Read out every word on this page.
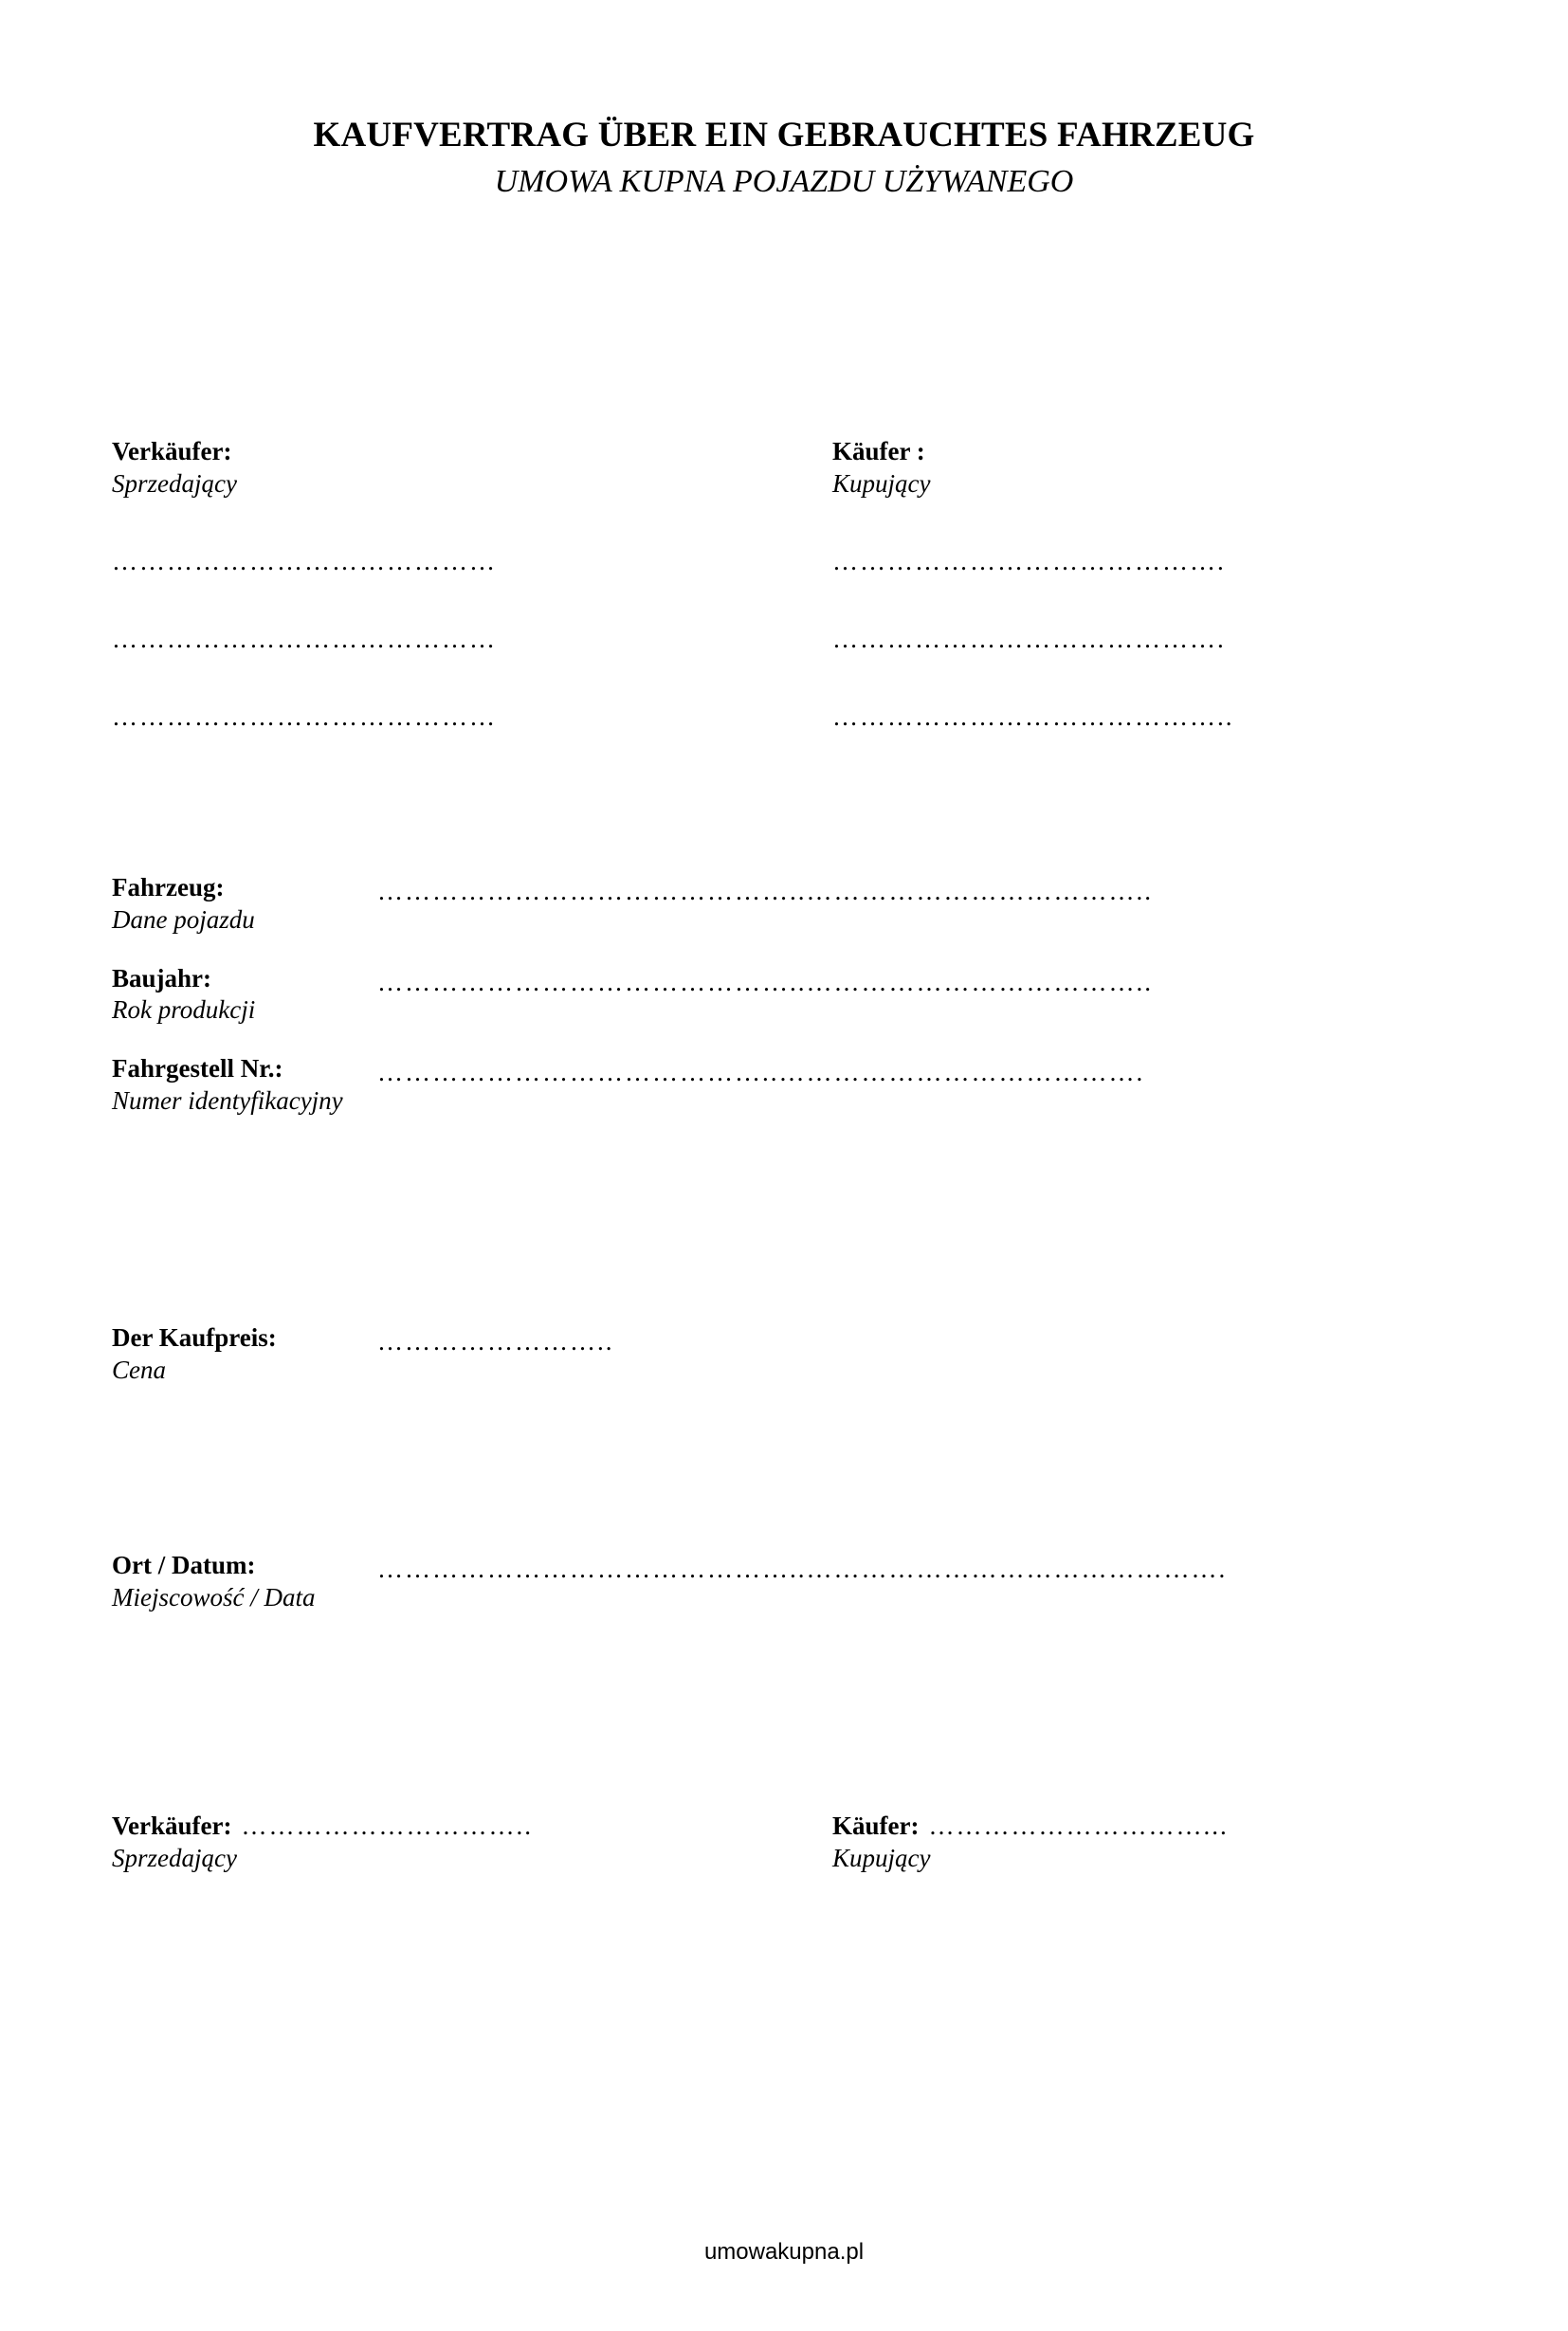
KAUFVERTRAG ÜBER EIN GEBRAUCHTES FAHRZEUG
UMOWA KUPNA POJAZDU UŻYWANEGO
Verkäufer:
Sprzedający
……………………………………
……………………………………
……………………………………
Käufer :
Kupujący
…………………………………….
…………………………………….
……………………………………..
Fahrzeug:
Dane pojazdu
………………………………………..………………………………..
Baujahr:
Rok produkcji
………………………………………..………………………………..
Fahrgestell Nr.:
Numer identyfikacyjny
……………………………………..………………………………….
Der Kaufpreis:
Cena
……………………..
Ort / Datum:
Miejscowość / Data
………………………………………..……………………………………….
Verkäufer: …………………………..
Sprzedający
Käufer: …………………………...
Kupujący
umowakupna.pl
